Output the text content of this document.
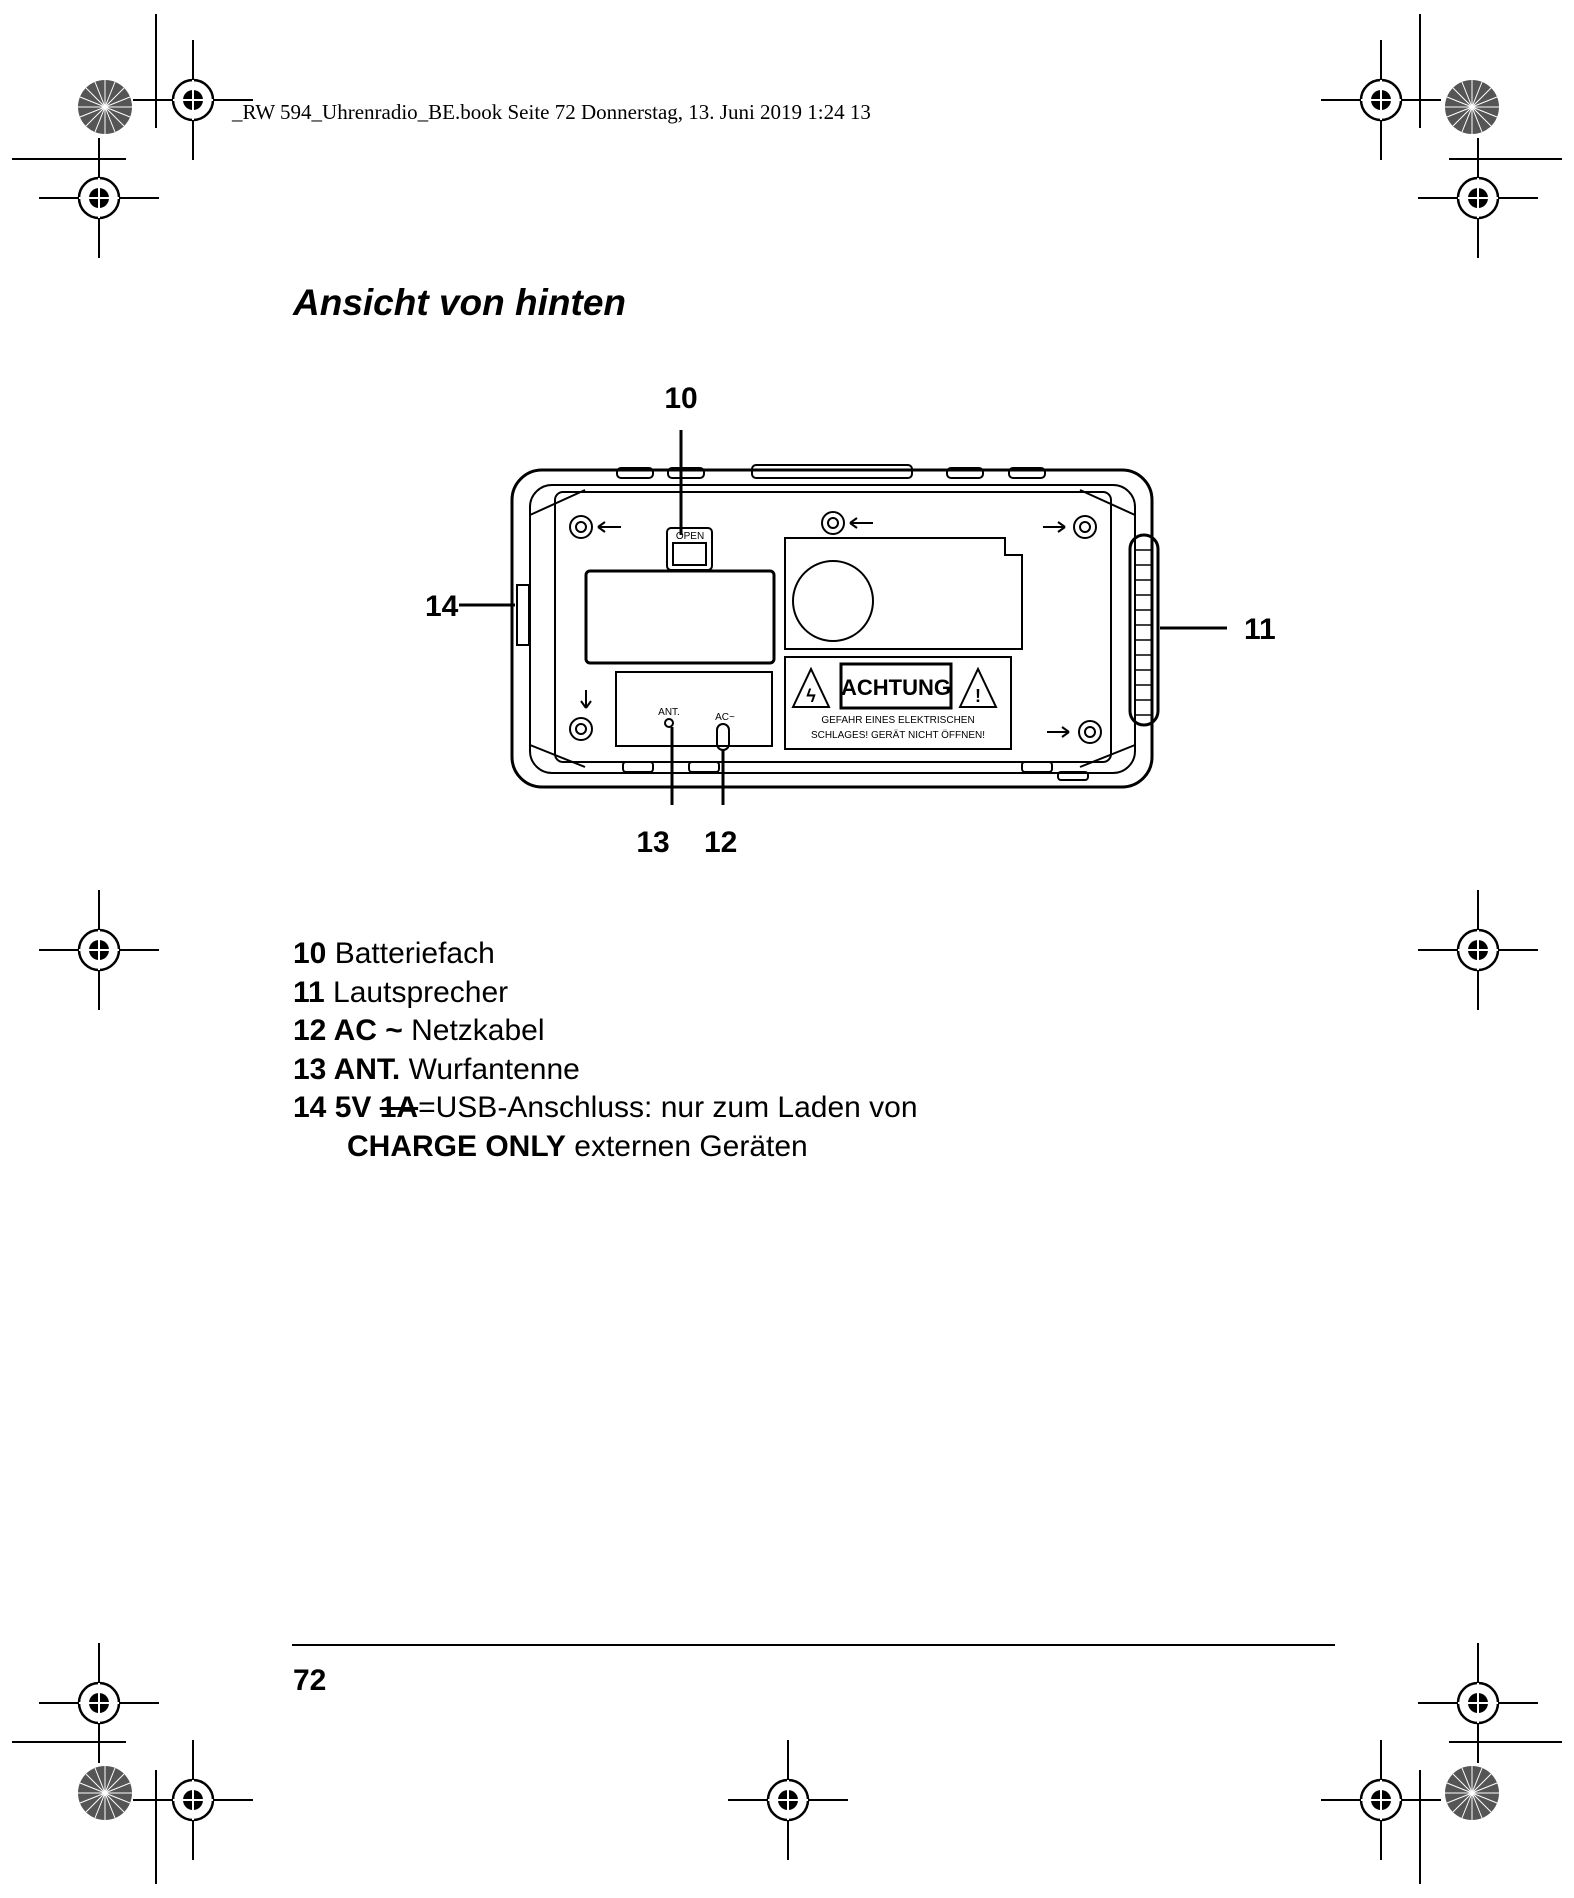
_RW 594_Uhrenradio_BE.book Seite 72 Donnerstag, 13. Juni 2019 1:24 13
Ansicht von hinten
OPEN
ACHTUNG
ϟ	!
GEFAHR EINES ELEKTRISCHEN
SCHLAGES! GERÄT NICHT ÖFFNEN!
ANT.	AC~
10
11
14
13 12
10 Batteriefach
11 Lautsprecher
12 AC ~ Netzkabel
13 ANT. Wurfantenne
14 5V 1A=USB-Anschluss: nur zum Laden von
CHARGE ONLY externen Geräten
72
